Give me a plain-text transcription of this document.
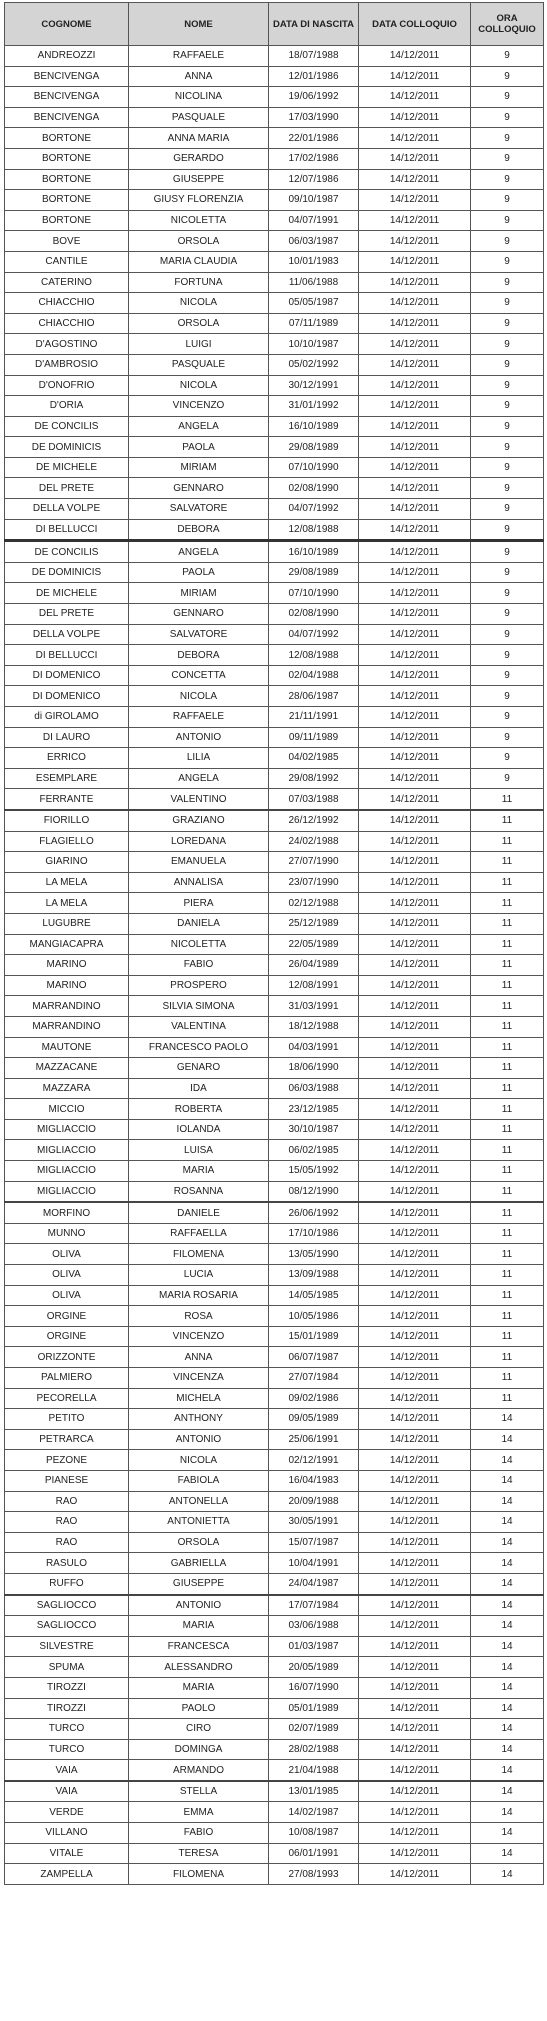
COGNOME	NOME	DATA DI NASCITA	DATA COLLOQUIO	ORA COLLOQUIO
ANDREOZZI	RAFFAELE	18/07/1988	14/12/2011	9
BENCIVENGA	ANNA	12/01/1986	14/12/2011	9
BENCIVENGA	NICOLINA	19/06/1992	14/12/2011	9
BENCIVENGA	PASQUALE	17/03/1990	14/12/2011	9
BORTONE	ANNA MARIA	22/01/1986	14/12/2011	9
BORTONE	GERARDO	17/02/1986	14/12/2011	9
BORTONE	GIUSEPPE	12/07/1986	14/12/2011	9
BORTONE	GIUSY FLORENZIA	09/10/1987	14/12/2011	9
BORTONE	NICOLETTA	04/07/1991	14/12/2011	9
BOVE	ORSOLA	06/03/1987	14/12/2011	9
CANTILE	MARIA CLAUDIA	10/01/1983	14/12/2011	9
CATERINO	FORTUNA	11/06/1988	14/12/2011	9
CHIACCHIO	NICOLA	05/05/1987	14/12/2011	9
CHIACCHIO	ORSOLA	07/11/1989	14/12/2011	9
D'AGOSTINO	LUIGI	10/10/1987	14/12/2011	9
D'AMBROSIO	PASQUALE	05/02/1992	14/12/2011	9
D'ONOFRIO	NICOLA	30/12/1991	14/12/2011	9
D'ORIA	VINCENZO	31/01/1992	14/12/2011	9
DE CONCILIS	ANGELA	16/10/1989	14/12/2011	9
DE DOMINICIS	PAOLA	29/08/1989	14/12/2011	9
DE MICHELE	MIRIAM	07/10/1990	14/12/2011	9
DEL PRETE	GENNARO	02/08/1990	14/12/2011	9
DELLA VOLPE	SALVATORE	04/07/1992	14/12/2011	9
DI BELLUCCI	DEBORA	12/08/1988	14/12/2011	9
DE CONCILIS	ANGELA	16/10/1989	14/12/2011	9
DE DOMINICIS	PAOLA	29/08/1989	14/12/2011	9
DE MICHELE	MIRIAM	07/10/1990	14/12/2011	9
DEL PRETE	GENNARO	02/08/1990	14/12/2011	9
DELLA VOLPE	SALVATORE	04/07/1992	14/12/2011	9
DI BELLUCCI	DEBORA	12/08/1988	14/12/2011	9
DI DOMENICO	CONCETTA	02/04/1988	14/12/2011	9
DI DOMENICO	NICOLA	28/06/1987	14/12/2011	9
di GIROLAMO	RAFFAELE	21/11/1991	14/12/2011	9
DI LAURO	ANTONIO	09/11/1989	14/12/2011	9
ERRICO	LILIA	04/02/1985	14/12/2011	9
ESEMPLARE	ANGELA	29/08/1992	14/12/2011	9
FERRANTE	VALENTINO	07/03/1988	14/12/2011	11
FIORILLO	GRAZIANO	26/12/1992	14/12/2011	11
FLAGIELLO	LOREDANA	24/02/1988	14/12/2011	11
GIARINO	EMANUELA	27/07/1990	14/12/2011	11
LA MELA	ANNALISA	23/07/1990	14/12/2011	11
LA MELA	PIERA	02/12/1988	14/12/2011	11
LUGUBRE	DANIELA	25/12/1989	14/12/2011	11
MANGIACAPRA	NICOLETTA	22/05/1989	14/12/2011	11
MARINO	FABIO	26/04/1989	14/12/2011	11
MARINO	PROSPERO	12/08/1991	14/12/2011	11
MARRANDINO	SILVIA SIMONA	31/03/1991	14/12/2011	11
MARRANDINO	VALENTINA	18/12/1988	14/12/2011	11
MAUTONE	FRANCESCO PAOLO	04/03/1991	14/12/2011	11
MAZZACANE	GENARO	18/06/1990	14/12/2011	11
MAZZARA	IDA	06/03/1988	14/12/2011	11
MICCIO	ROBERTA	23/12/1985	14/12/2011	11
MIGLIACCIO	IOLANDA	30/10/1987	14/12/2011	11
MIGLIACCIO	LUISA	06/02/1985	14/12/2011	11
MIGLIACCIO	MARIA	15/05/1992	14/12/2011	11
MIGLIACCIO	ROSANNA	08/12/1990	14/12/2011	11
MORFINO	DANIELE	26/06/1992	14/12/2011	11
MUNNO	RAFFAELLA	17/10/1986	14/12/2011	11
OLIVA	FILOMENA	13/05/1990	14/12/2011	11
OLIVA	LUCIA	13/09/1988	14/12/2011	11
OLIVA	MARIA ROSARIA	14/05/1985	14/12/2011	11
ORGINE	ROSA	10/05/1986	14/12/2011	11
ORGINE	VINCENZO	15/01/1989	14/12/2011	11
ORIZZONTE	ANNA	06/07/1987	14/12/2011	11
PALMIERO	VINCENZA	27/07/1984	14/12/2011	11
PECORELLA	MICHELA	09/02/1986	14/12/2011	11
PETITO	ANTHONY	09/05/1989	14/12/2011	14
PETRARCA	ANTONIO	25/06/1991	14/12/2011	14
PEZONE	NICOLA	02/12/1991	14/12/2011	14
PIANESE	FABIOLA	16/04/1983	14/12/2011	14
RAO	ANTONELLA	20/09/1988	14/12/2011	14
RAO	ANTONIETTA	30/05/1991	14/12/2011	14
RAO	ORSOLA	15/07/1987	14/12/2011	14
RASULO	GABRIELLA	10/04/1991	14/12/2011	14
RUFFO	GIUSEPPE	24/04/1987	14/12/2011	14
SAGLIOCCO	ANTONIO	17/07/1984	14/12/2011	14
SAGLIOCCO	MARIA	03/06/1988	14/12/2011	14
SILVESTRE	FRANCESCA	01/03/1987	14/12/2011	14
SPUMA	ALESSANDRO	20/05/1989	14/12/2011	14
TIROZZI	MARIA	16/07/1990	14/12/2011	14
TIROZZI	PAOLO	05/01/1989	14/12/2011	14
TURCO	CIRO	02/07/1989	14/12/2011	14
TURCO	DOMINGA	28/02/1988	14/12/2011	14
VAIA	ARMANDO	21/04/1988	14/12/2011	14
VAIA	STELLA	13/01/1985	14/12/2011	14
VERDE	EMMA	14/02/1987	14/12/2011	14
VILLANO	FABIO	10/08/1987	14/12/2011	14
VITALE	TERESA	06/01/1991	14/12/2011	14
ZAMPELLA	FILOMENA	27/08/1993	14/12/2011	14
